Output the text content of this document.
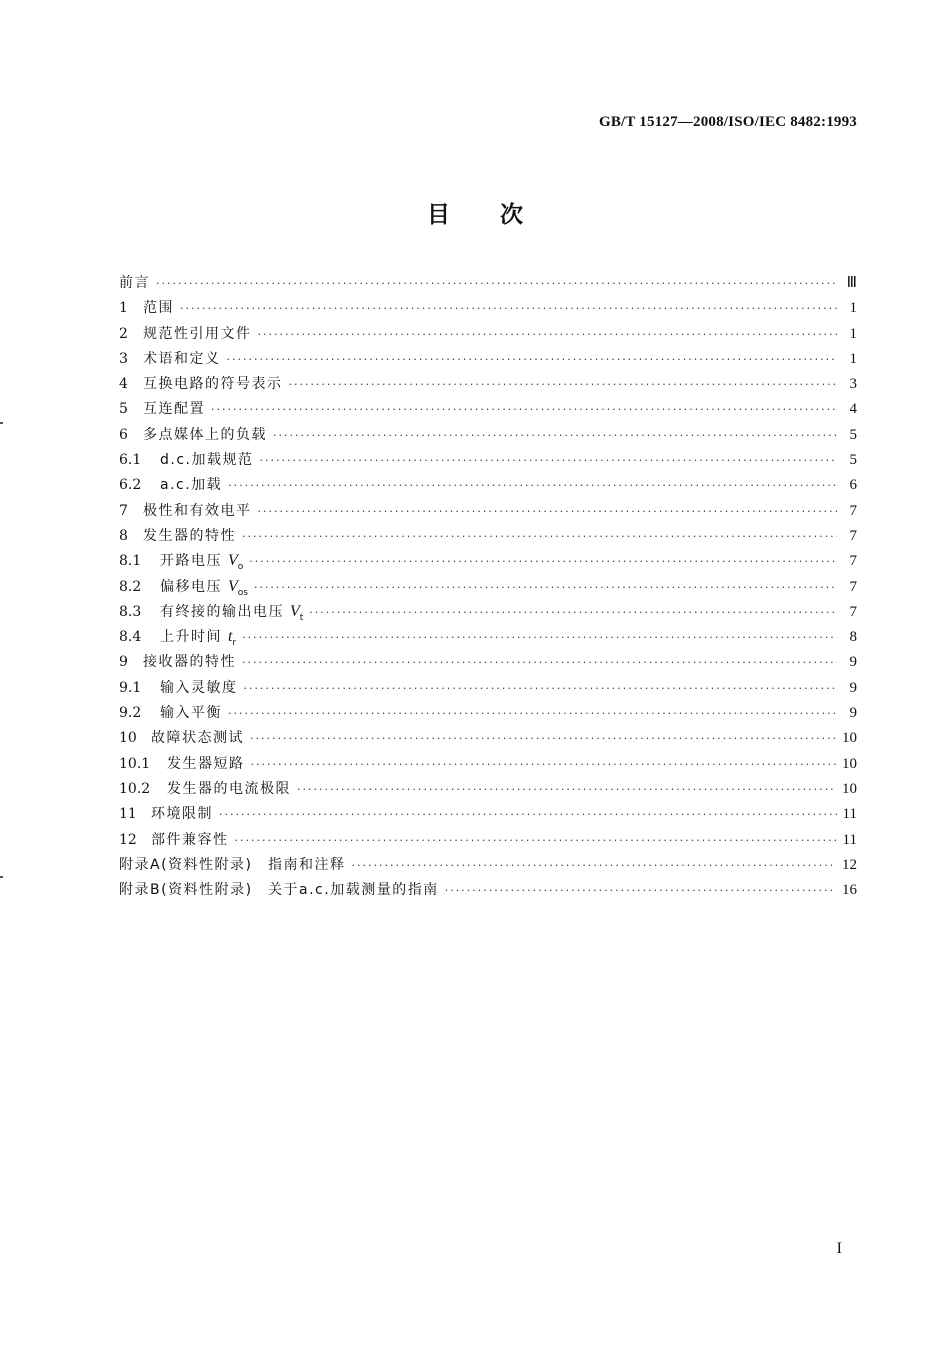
GB/T 15127—2008/ISO/IEC 8482:1993
目次
前言 ·····	Ⅲ
1	范围 ·····	1
2	规范性引用文件 ·····	1
3	术语和定义 ·····	1
4	互换电路的符号表示 ·····	3
5	互连配置 ·····	4
6	多点媒体上的负载 ·····	5
6.1	d.c.加载规范 ·····	5
6.2	a.c.加载 ·····	6
7	极性和有效电平 ·····	7
8	发生器的特性 ·····	7
8.1	开路电压 $V_o$ ·····	7
8.2	偏移电压 $V_{os}$ ·····	7
8.3	有终接的输出电压 $V_t$ ·····	7
8.4	上升时间 $t_r$ ·····	8
9	接收器的特性 ·····	9
9.1	输入灵敏度 ·····	9
9.2	输入平衡 ·····	9
10	故障状态测试 ·····	10
10.1	发生器短路 ·····	10
10.2	发生器的电流极限 ·····	10
11	环境限制 ·····	11
12	部件兼容性 ·····	11
附录A(资料性附录)　指南和注释 ·····	12
附录B(资料性附录)　关于a.c.加载测量的指南 ·····	16
I
